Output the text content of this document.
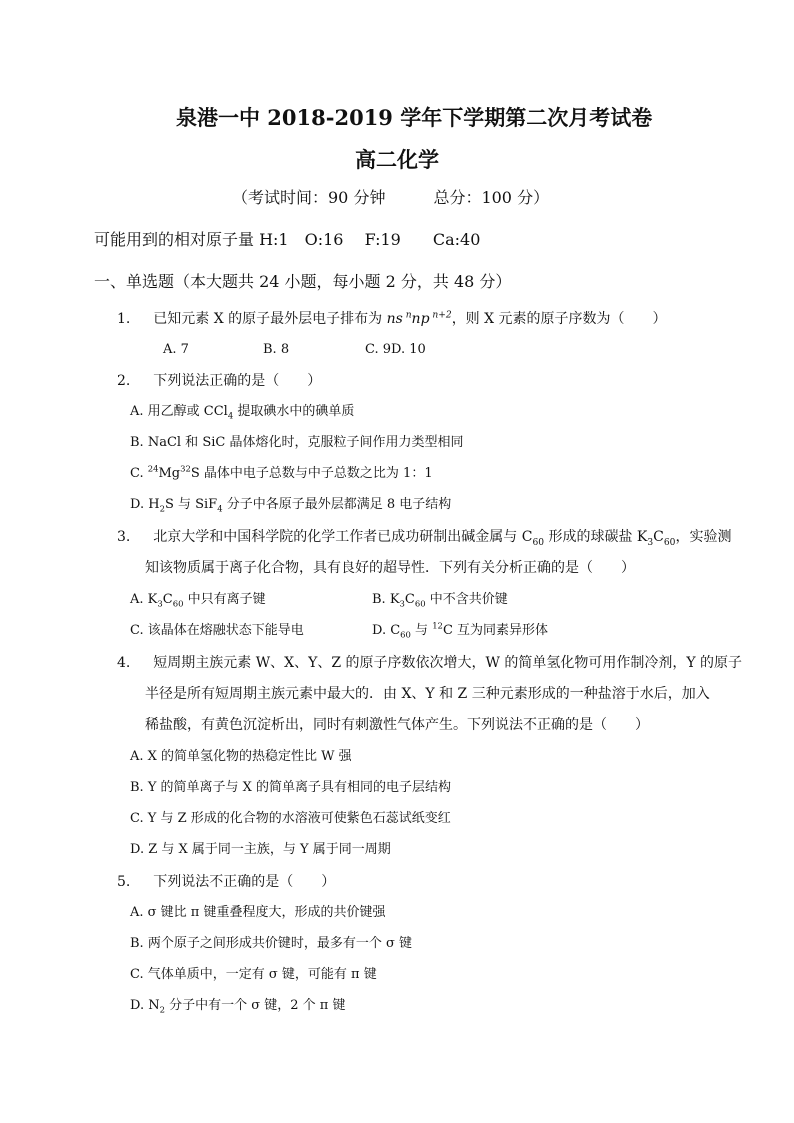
泉港一中 2018-2019 学年下学期第二次月考试卷
高二化学
（考试时间：90 分钟　　　总分：100 分）
可能用到的相对原子量 H:1　O:16　 F:19　　Ca:40
一、单选题（本大题共 24 小题，每小题 2 分，共 48 分）
1. 已知元素 X 的原子最外层电子排布为 ns $^n$np $^{n+2}$，则 X 元素的原子序数为（　　）
A. 7	B. 8	C. 9D. 10
2. 下列说法正确的是（　　）
A. 用乙醇或 CCl$_4$ 提取碘水中的碘单质
B. NaCl 和 SiC 晶体熔化时，克服粒子间作用力类型相同
C. $^{24}$Mg$^{32}$S 晶体中电子总数与中子总数之比为 1：1
D. $H_2S$ 与 SiF$_4$ 分子中各原子最外层都满足 8 电子结构
3. 北京大学和中国科学院的化学工作者已成功研制出碱金属与 $C_{60}$ 形成的球碳盐 $K_3C_{60}$，实验测
知该物质属于离子化合物，具有良好的超导性．下列有关分析正确的是（　　）
A. $K_3C_{60}$ 中只有离子键	B. $K_3C_{60}$ 中不含共价键
C. 该晶体在熔融状态下能导电	D. $C_{60}$ 与 $^{12}$C 互为同素异形体
4. 短周期主族元素 W、X、Y、Z 的原子序数依次增大，W 的简单氢化物可用作制冷剂，Y 的原子
半径是所有短周期主族元素中最大的．由 X、Y 和 Z 三种元素形成的一种盐溶于水后，加入
稀盐酸，有黄色沉淀析出，同时有刺激性气体产生。下列说法不正确的是（　　）
A. X 的简单氢化物的热稳定性比 W 强
B. Y 的简单离子与 X 的简单离子具有相同的电子层结构
C. Y 与 Z 形成的化合物的水溶液可使紫色石蕊试纸变红
D. Z 与 X 属于同一主族，与 Y 属于同一周期
5. 下列说法不正确的是（　　）
A. σ 键比 π 键重叠程度大，形成的共价键强
B. 两个原子之间形成共价键时，最多有一个 σ 键
C. 气体单质中，一定有 σ 键，可能有 π 键
D. $N_2$ 分子中有一个 σ 键，2 个 π 键
